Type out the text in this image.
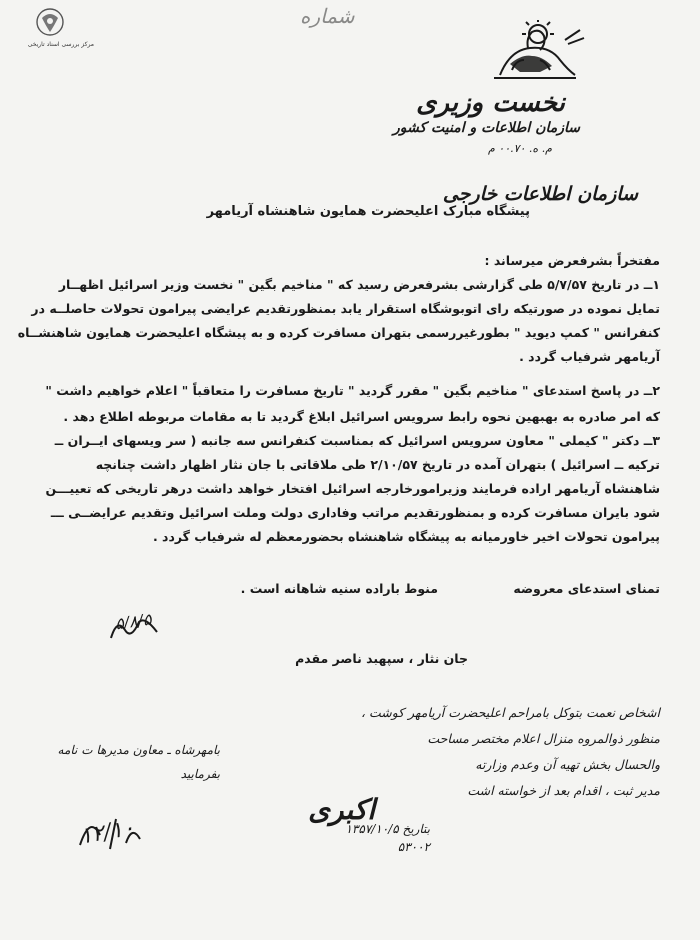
مرکز بررسی اسناد تاریخی
شماره
نخست وزیری
سازمان اطلاعات و امنیت کشور
م. ه. ۰۰.۷۰ م
سازمان اطلاعات خارجی
پیشگاه مبارک اعلیحضرت همایون شاهنشاه آریامهر
مفتخراً بشرفعرض میرساند :
۱ــ در تاریخ ۵/۷/۵۷ طی گزارشی بشرفعرض رسید که " مناخیم بگین " نخست وزیر اسرائیل اظهــار
تمایل نموده در صورتیکه رای اتوبوشگاه استقرار یابد بمنظورتقدیم عرایضی پیرامون تحولات حاصلــه در
کنفرانس " کمپ دیوید " بطورغیررسمی بتهران مسافرت کرده و به پیشگاه اعلیحضرت همایون شاهنشــاه
آریامهر شرفیاب گردد .
۲ــ در پاسخ استدعای " مناخیم بگین " مقرر گردید " تاریخ مسافرت را متعاقباً " اعلام خواهیم داشت "
که امر صادره به بهبهین نحوه رابط سرویس اسرائیل ابلاغ گردید تا به مقامات مربوطه اطلاع دهد .
۳ــ دکتر " کیملی " معاون سرویس اسرائیل که بمناسبت کنفرانس سه جانبه ( سر ویسهای ایــران ــ
ترکیه ــ اسرائیل ) بتهران آمده در تاریخ ۲/۱۰/۵۷ طی ملاقاتی با جان نثار اظهار داشت چنانچه
شاهنشاه آریامهر اراده فرمایند وزیرامورخارجه اسرائیل افتخار خواهد داشت درهر تاریخی که تعییـــن
شود بایران مسافرت کرده و بمنظورتقدیم مراتب وفاداری دولت وملت اسرائیل وتقدیم عرایضــی ـــ
پیرامون تحولات اخیر خاورمیانه به پیشگاه شاهنشاه بحضورمعظم له شرفیاب گردد .
منوط باراده سنیه شاهانه است .	تمنای استدعای معروضه
۵/۸/۵
جان نثار ، سپهبد ناصر مقدم
اشخاص نعمت بتوکل بامراحم اعلیحضرت آریامهر کوشت ،
منظور ذوالمروه منزال اعلام مختصر مساحت
والحسال بخش تهیه آن وعدم وزارته
مدیر ثبت ، اقدام بعد از خواسته اشت
بامهرشاه ـ معاون مدیرها ت نامه
بفرمایید
۱۲/۱۰
اکبری
بتاریخ ۱۳۵۷/۱۰/۵
۵۳۰۰۲
